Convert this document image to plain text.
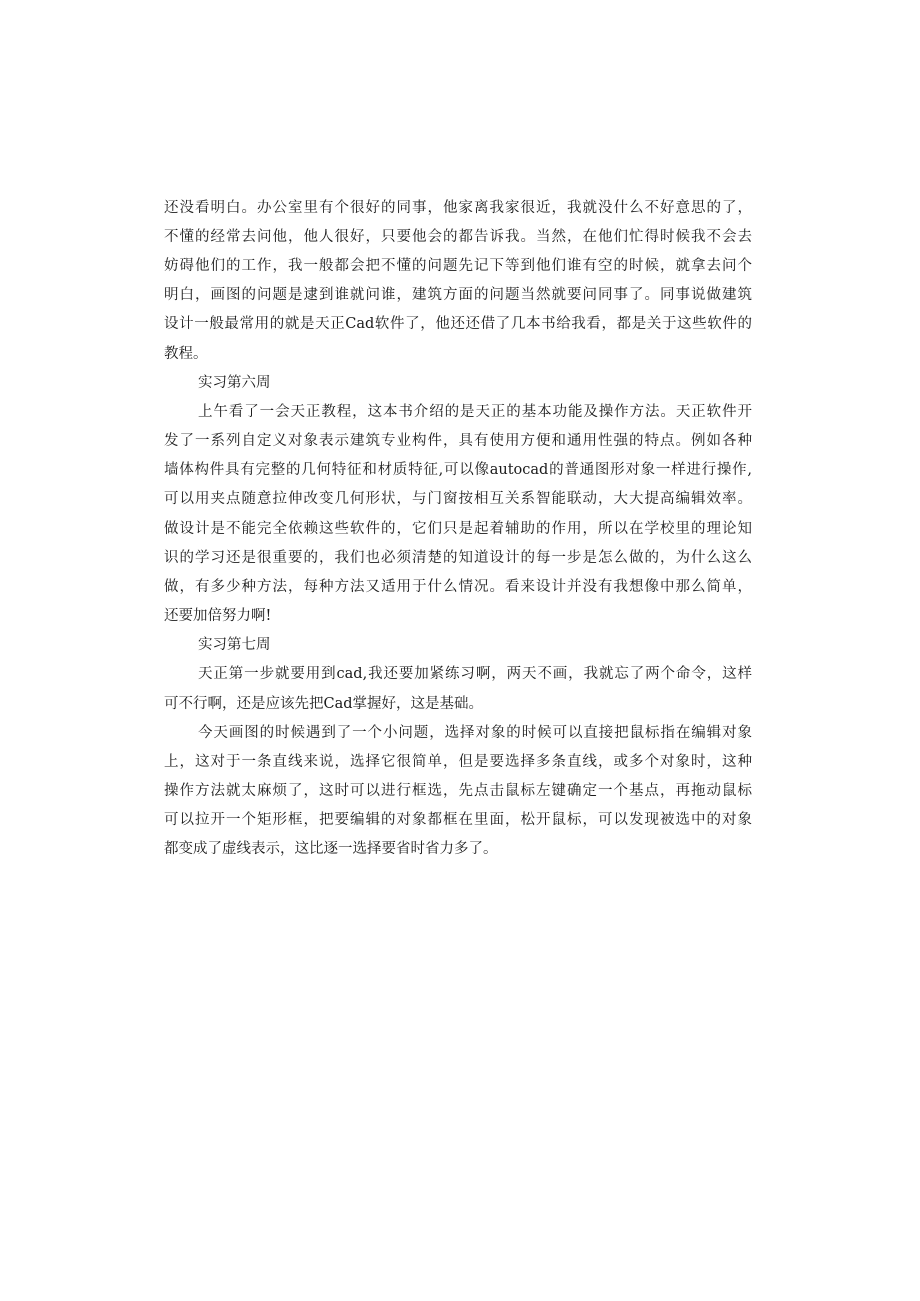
还没看明白。办公室里有个很好的同事，他家离我家很近，我就没什么不好意思的了，
不懂的经常去问他，他人很好，只要他会的都告诉我。当然，在他们忙得时候我不会去
妨碍他们的工作，我一般都会把不懂的问题先记下等到他们谁有空的时候，就拿去问个
明白，画图的问题是逮到谁就问谁，建筑方面的问题当然就要问同事了。同事说做建筑
设计一般最常用的就是天正Cad软件了，他还还借了几本书给我看，都是关于这些软件的
教程。
实习第六周
上午看了一会天正教程，这本书介绍的是天正的基本功能及操作方法。天正软件开
发了一系列自定义对象表示建筑专业构件，具有使用方便和通用性强的特点。例如各种
墙体构件具有完整的几何特征和材质特征,可以像autocad的普通图形对象一样进行操作,
可以用夹点随意拉伸改变几何形状，与门窗按相互关系智能联动，大大提高编辑效率。
做设计是不能完全依赖这些软件的，它们只是起着辅助的作用，所以在学校里的理论知
识的学习还是很重要的，我们也必须清楚的知道设计的每一步是怎么做的，为什么这么
做，有多少种方法，每种方法又适用于什么情况。看来设计并没有我想像中那么简单，
还要加倍努力啊!
实习第七周
天正第一步就要用到cad,我还要加紧练习啊，两天不画，我就忘了两个命令，这样
可不行啊，还是应该先把Cad掌握好，这是基础。
今天画图的时候遇到了一个小问题，选择对象的时候可以直接把鼠标指在编辑对象
上，这对于一条直线来说，选择它很简单，但是要选择多条直线，或多个对象时，这种
操作方法就太麻烦了，这时可以进行框选，先点击鼠标左键确定一个基点，再拖动鼠标
可以拉开一个矩形框，把要编辑的对象都框在里面，松开鼠标，可以发现被选中的对象
都变成了虚线表示，这比逐一选择要省时省力多了。
